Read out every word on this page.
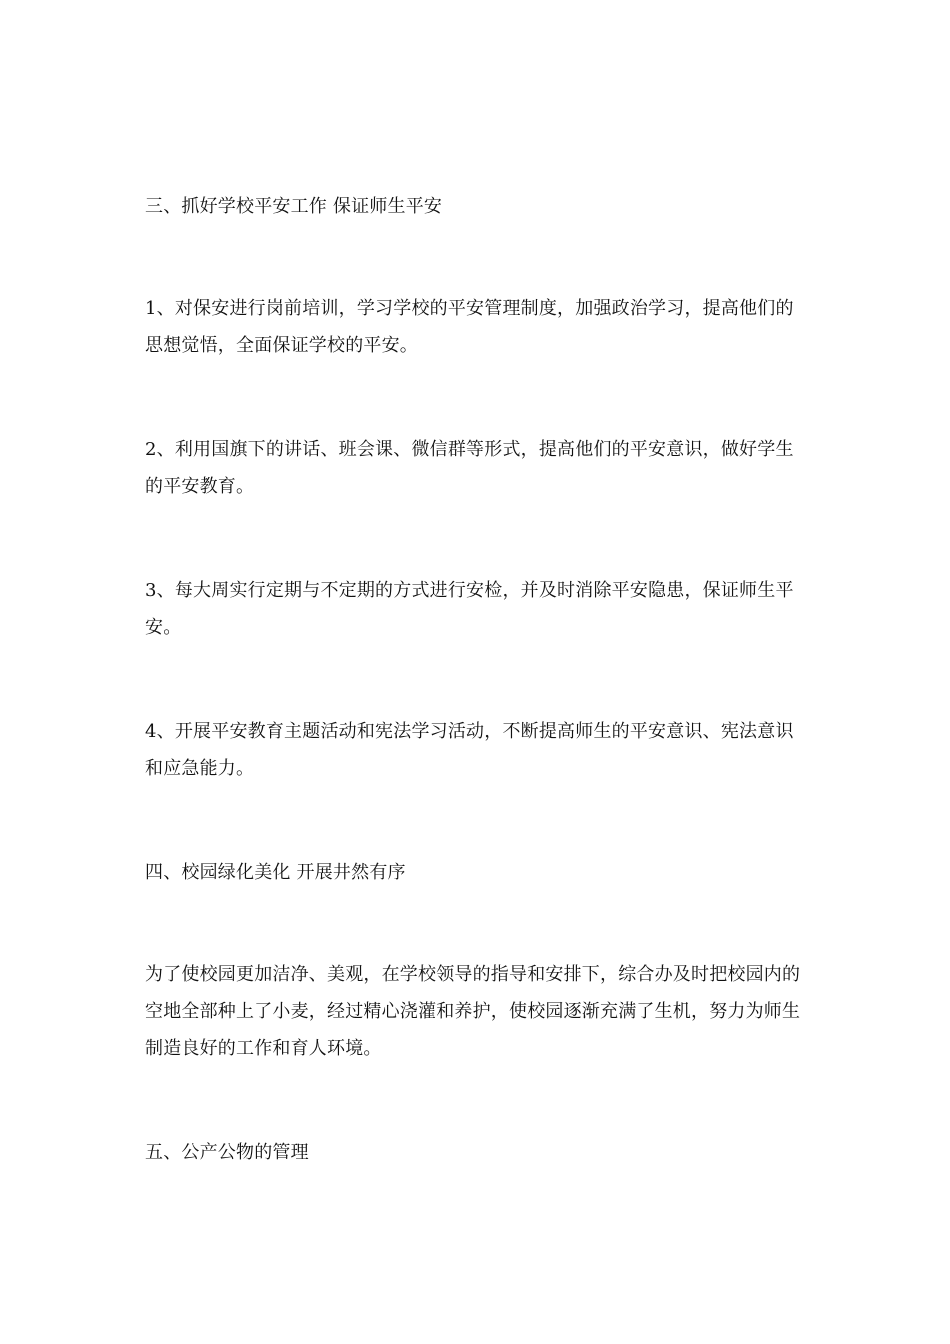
三、抓好学校平安工作 保证师生平安
1、对保安进行岗前培训，学习学校的平安管理制度，加强政治学习，提高他们的思想觉悟，全面保证学校的平安。
2、利用国旗下的讲话、班会课、微信群等形式，提高他们的平安意识，做好学生的平安教育。
3、每大周实行定期与不定期的方式进行安检，并及时消除平安隐患，保证师生平安。
4、开展平安教育主题活动和宪法学习活动，不断提高师生的平安意识、宪法意识和应急能力。
四、校园绿化美化 开展井然有序
为了使校园更加洁净、美观，在学校领导的指导和安排下，综合办及时把校园内的空地全部种上了小麦，经过精心浇灌和养护，使校园逐渐充满了生机，努力为师生制造良好的工作和育人环境。
五、公产公物的管理
